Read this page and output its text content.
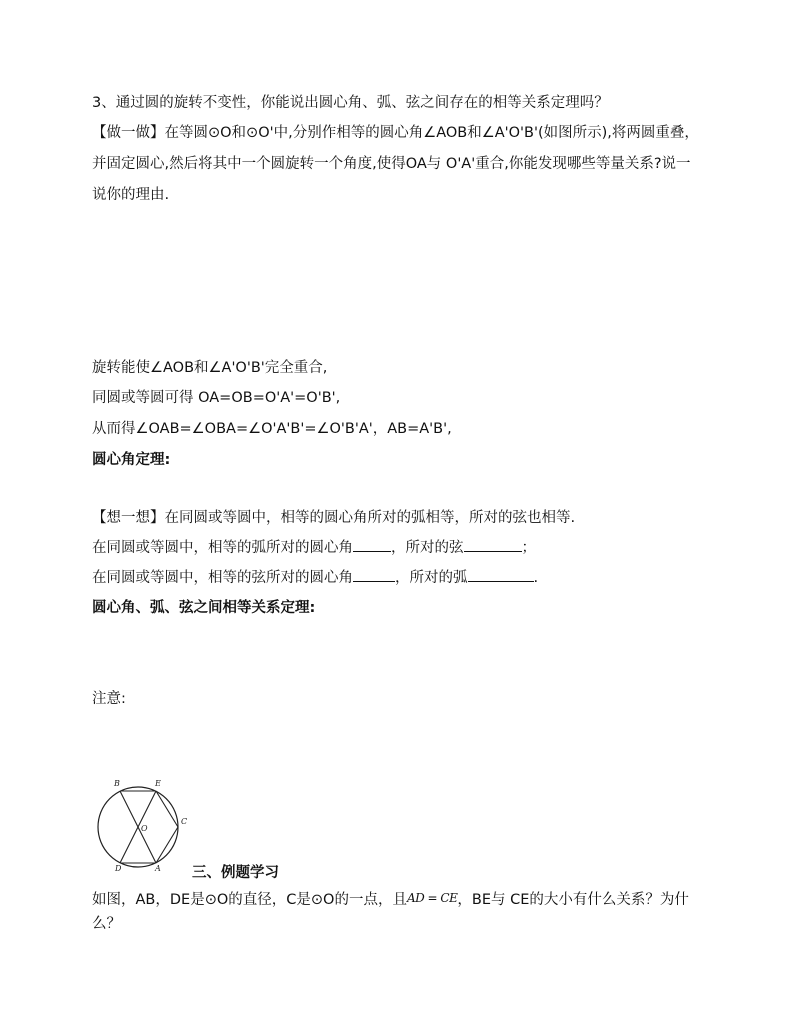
3、通过圆的旋转不变性，你能说出圆心角、弧、弦之间存在的相等关系定理吗？
【做一做】在等圆⊙O和⊙O'中,分别作相等的圆心角∠AOB和∠A'O'B'(如图所示),将两圆重叠，并固定圆心,然后将其中一个圆旋转一个角度,使得OA与 O'A'重合,你能发现哪些等量关系?说一说你的理由.
旋转能使∠AOB和∠A'O'B'完全重合,
同圆或等圆可得 OA=OB=O'A'=O'B',
从而得∠OAB=∠OBA=∠O'A'B'=∠O'B'A'，AB=A'B',
圆心角定理:
【想一想】在同圆或等圆中，相等的圆心角所对的弧相等，所对的弦也相等.
在同圆或等圆中，相等的弧所对的圆心角	，所对的弦	；
在同圆或等圆中，相等的弦所对的圆心角	，所对的弧	.
圆心角、弧、弦之间相等关系定理:
注意:
B	E
O
C
D	A 三、例题学习
如图，AB，DE是⊙O的直径，C是⊙O的一点，且AD = CE，BE与 CE的大小有什么关系？为什么？
